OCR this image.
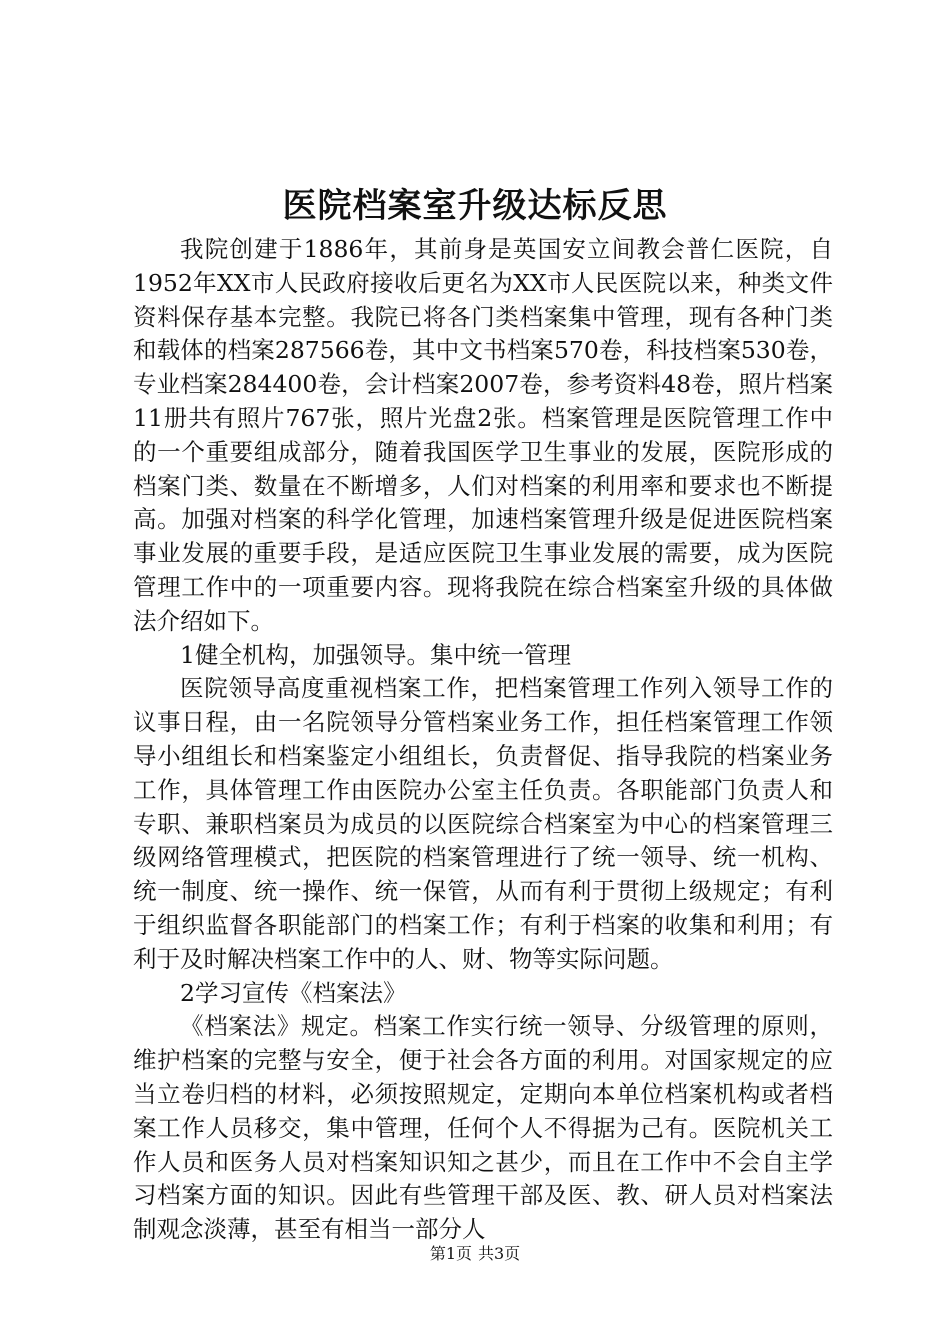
医院档案室升级达标反思

我院创建于1886年，其前身是英国安立间教会普仁医院，自1952年XX市人民政府接收后更名为XX市人民医院以来，种类文件资料保存基本完整。我院已将各门类档案集中管理，现有各种门类和载体的档案287566卷，其中文书档案570卷，科技档案530卷，专业档案284400卷，会计档案2007卷，参考资料48卷，照片档案11册共有照片767张，照片光盘2张。档案管理是医院管理工作中的一个重要组成部分，随着我国医学卫生事业的发展，医院形成的档案门类、数量在不断增多，人们对档案的利用率和要求也不断提高。加强对档案的科学化管理，加速档案管理升级是促进医院档案事业发展的重要手段，是适应医院卫生事业发展的需要，成为医院管理工作中的一项重要内容。现将我院在综合档案室升级的具体做法介绍如下。

1健全机构，加强领导。集中统一管理

医院领导高度重视档案工作，把档案管理工作列入领导工作的议事日程，由一名院领导分管档案业务工作，担任档案管理工作领导小组组长和档案鉴定小组组长，负责督促、指导我院的档案业务工作，具体管理工作由医院办公室主任负责。各职能部门负责人和专职、兼职档案员为成员的以医院综合档案室为中心的档案管理三级网络管理模式，把医院的档案管理进行了统一领导、统一机构、统一制度、统一操作、统一保管，从而有利于贯彻上级规定；有利于组织监督各职能部门的档案工作；有利于档案的收集和利用；有利于及时解决档案工作中的人、财、物等实际问题。

2学习宣传《档案法》

《档案法》规定。档案工作实行统一领导、分级管理的原则，维护档案的完整与安全，便于社会各方面的利用。对国家规定的应当立卷归档的材料，必须按照规定，定期向本单位档案机构或者档案工作人员移交，集中管理，任何个人不得据为己有。医院机关工作人员和医务人员对档案知识知之甚少，而且在工作中不会自主学习档案方面的知识。因此有些管理干部及医、教、研人员对档案法制观念淡薄，甚至有相当一部分人

第1页 共3页
